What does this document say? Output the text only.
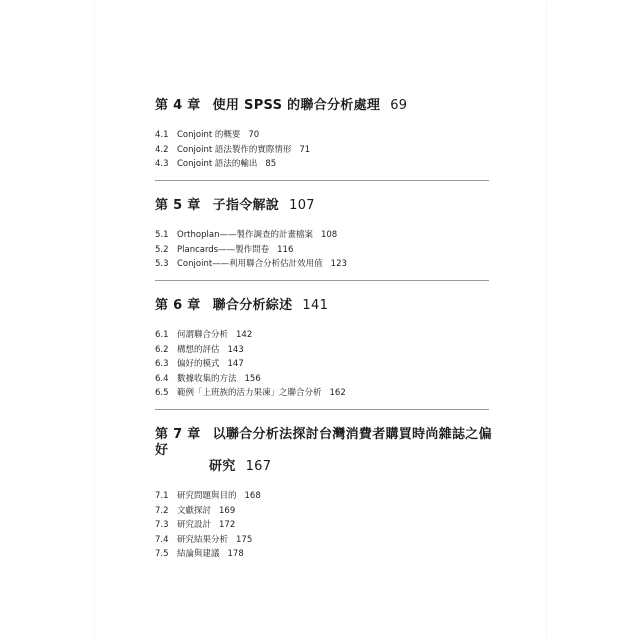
第 4 章 使用 SPSS 的聯合分析處理 69
4.1 Conjoint 的概要 70
4.2 Conjoint 語法製作的實際情形 71
4.3 Conjoint 語法的輸出 85
第 5 章 子指令解說 107
5.1 Orthoplan——製作調查的計畫檔案 108
5.2 Plancards——製作問卷 116
5.3 Conjoint——利用聯合分析估計效用值 123
第 6 章 聯合分析綜述 141
6.1 何謂聯合分析 142
6.2 構想的評估 143
6.3 偏好的模式 147
6.4 數據收集的方法 156
6.5 範例「上班族的活力果凍」之聯合分析 162
第 7 章 以聯合分析法探討台灣消費者購買時尚雜誌之偏好
研究 167
7.1 研究問題與目的 168
7.2 文獻探討 169
7.3 研究設計 172
7.4 研究結果分析 175
7.5 結論與建議 178
